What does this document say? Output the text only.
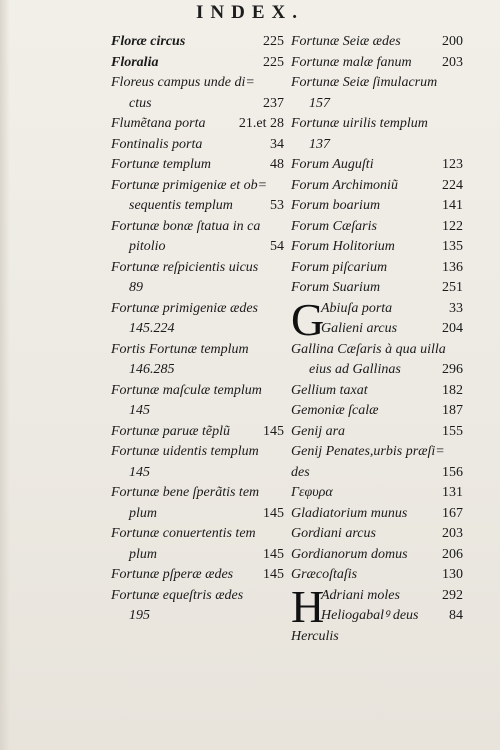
INDEX.
Floræ circus	225
Floralia	225
Floreus campus unde di=
ctus	237
Flumẽtana porta 21.et 28
Fontinalis porta	34
Fortunæ templum	48
Fortunæ primigeniæ et ob=
sequentis templum	53
Fortunæ bonæ ſtatua in ca
pitolio	54
Fortunæ reſpicientis uicus
89
Fortunæ primigeniæ ædes
145.224
Fortis Fortunæ templum
146.285
Fortunæ maſculæ templum
145
Fortunæ paruæ tẽplũ 145
Fortunæ uidentis templum
145
Fortunæ bene ſperãtis tem
plum	145
Fortunæ conuertentis tem
plum	145
Fortunæ pſperæ ædes 145
Fortunæ equeſtris ædes
195
Fortunæ Seiæ ædes	200
Fortunæ malæ fanum 203
Fortunæ Seiæ ſimulacrum
157
Fortunæ uirilis templum
137
Forum Auguſti	123
Forum Archimoniũ	224
Forum boarium	141
Forum Cæſaris	122
Forum Holitorium	135
Forum piſcarium	136
Forum Suarium	251
Abiuſa porta	33
Galieni arcus	204
Gallina Cæſaris à qua uilla
eius ad Gallinas	296
Gellium taxat	182
Gemoniæ ſcalæ	187
Genij ara	155
Genij Penates,urbis præſi=
des	156
Γεφυρα	131
Gladiatorium munus 167
Gordiani arcus	203
Gordianorum domus 206
Græcoſtaſis	130
Adriani moles	292
Heliogabalꝰ deus 84
Herculis
G
H
